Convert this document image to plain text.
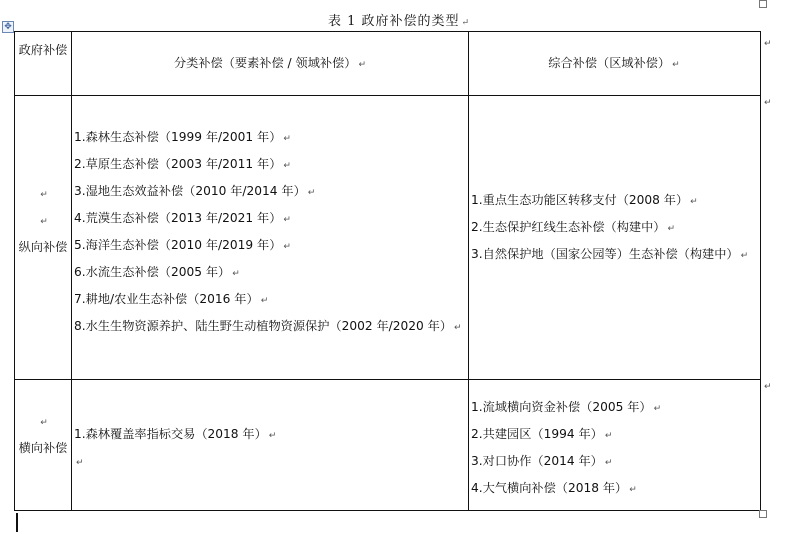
表 1 政府补偿的类型 ↵
✥
↵
↵
↵
政府补偿
分类补偿（要素补偿 / 领域补偿） ↵	综合补偿（区域补偿） ↵
↵
↵
纵向补偿
1.森林生态补偿（1999 年/2001 年） ↵
2.草原生态补偿（2003 年/2011 年） ↵
3.湿地生态效益补偿（2010 年/2014 年） ↵
4.荒漠生态补偿（2013 年/2021 年） ↵
5.海洋生态补偿（2010 年/2019 年） ↵
6.水流生态补偿（2005 年） ↵
7.耕地/农业生态补偿（2016 年） ↵
8.水生生物资源养护、陆生野生动植物资源保护（2002 年/2020 年） ↵
1.重点生态功能区转移支付（2008 年） ↵
2.生态保护红线生态补偿（构建中） ↵
3.自然保护地（国家公园等）生态补偿（构建中） ↵
↵
横向补偿
1.森林覆盖率指标交易（2018 年） ↵
↵
1.流域横向资金补偿（2005 年） ↵
2.共建园区（1994 年） ↵
3.对口协作（2014 年） ↵
4.大气横向补偿（2018 年） ↵
